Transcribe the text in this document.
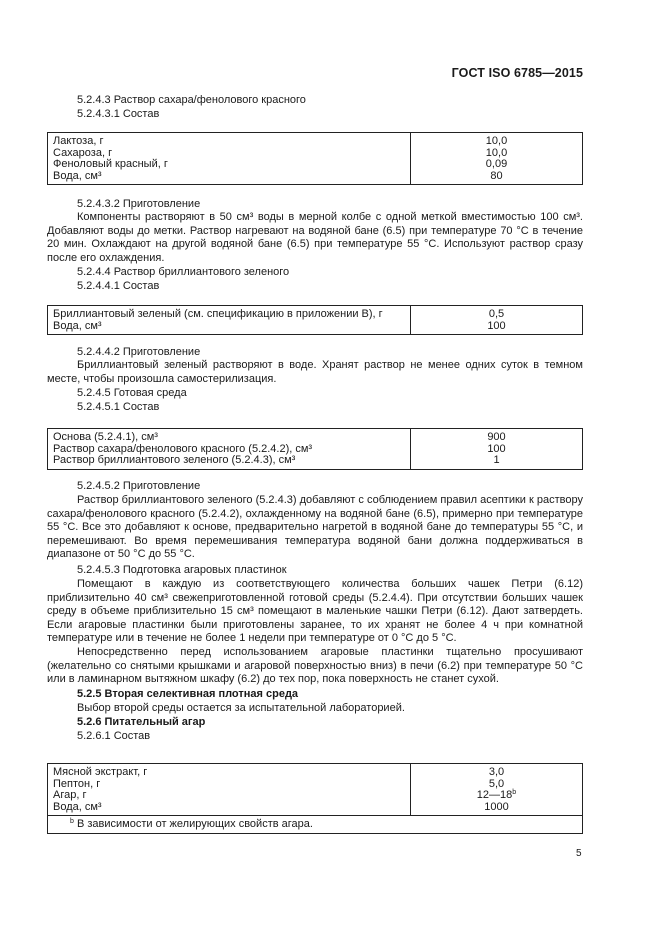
ГОСТ ISO 6785—2015
5.2.4.3 Раствор сахара/фенолового красного
5.2.4.3.1 Состав
Лактоза, г
Сахароза, г
Феноловый красный, г
Вода, см³
10,0
10,0
0,09
80
5.2.4.3.2 Приготовление
Компоненты растворяют в 50 см³ воды в мерной колбе с одной меткой вместимостью 100 см³. Добавляют воды до метки. Раствор нагревают на водяной бане (6.5) при температуре 70 °С в течение 20 мин. Охлаждают на другой водяной бане (6.5) при температуре 55 °С. Используют раствор сразу после его охлаждения.
5.2.4.4 Раствор бриллиантового зеленого
5.2.4.4.1 Состав
Бриллиантовый зеленый (см. спецификацию в приложении В), г
Вода, см³
0,5
100
5.2.4.4.2 Приготовление
Бриллиантовый зеленый растворяют в воде. Хранят раствор не менее одних суток в темном месте, чтобы произошла самостерилизация.
5.2.4.5 Готовая среда
5.2.4.5.1 Состав
Основа (5.2.4.1), см³
Раствор сахара/фенолового красного (5.2.4.2), см³
Раствор бриллиантового зеленого (5.2.4.3), см³
900
100
1
5.2.4.5.2 Приготовление
Раствор бриллиантового зеленого (5.2.4.3) добавляют с соблюдением правил асептики к раствору сахара/фенолового красного (5.2.4.2), охлажденному на водяной бане (6.5), примерно при температуре 55 °С. Все это добавляют к основе, предварительно нагретой в водяной бане до температуры 55 °С, и перемешивают. Во время перемешивания температура водяной бани должна поддерживаться в диапазоне от 50 °С до 55 °С.
5.2.4.5.3 Подготовка агаровых пластинок
Помещают в каждую из соответствующего количества больших чашек Петри (6.12) приблизительно 40 см³ свежеприготовленной готовой среды (5.2.4.4). При отсутствии больших чашек среду в объеме приблизительно 15 см³ помещают в маленькие чашки Петри (6.12). Дают затвердеть. Если агаровые пластинки были приготовлены заранее, то их хранят не более 4 ч при комнатной температуре или в течение не более 1 недели при температуре от 0 °С до 5 °С.
Непосредственно перед использованием агаровые пластинки тщательно просушивают (желательно со снятыми крышками и агаровой поверхностью вниз) в печи (6.2) при температуре 50 °С или в ламинарном вытяжном шкафу (6.2) до тех пор, пока поверхность не станет сухой.
5.2.5 Вторая селективная плотная среда
Выбор второй среды остается за испытательной лабораторией.
5.2.6 Питательный агар
5.2.6.1 Состав
Мясной экстракт, г
Пептон, г
Агар, г
Вода, см³
3,0
5,0
12—18$^b$
1000
$^b$ В зависимости от желирующих свойств агара.
5
